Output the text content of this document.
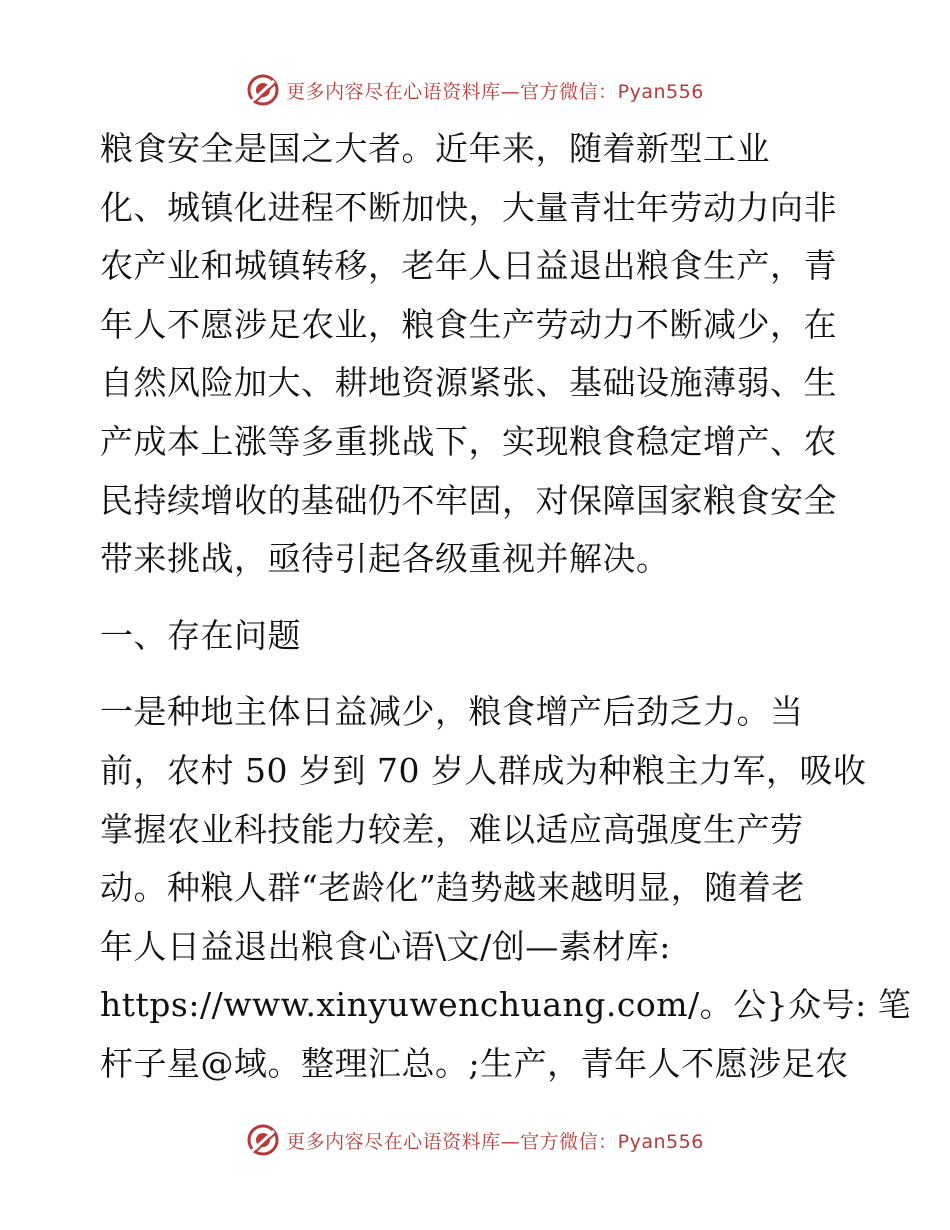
更多内容尽在心语资料库—官方微信：Pyan556
粮食安全是国之大者。近年来，随着新型工业
化、城镇化进程不断加快，大量青壮年劳动力向非
农产业和城镇转移，老年人日益退出粮食生产，青
年人不愿涉足农业，粮食生产劳动力不断减少，在
自然风险加大、耕地资源紧张、基础设施薄弱、生
产成本上涨等多重挑战下，实现粮食稳定增产、农
民持续增收的基础仍不牢固，对保障国家粮食安全
带来挑战，亟待引起各级重视并解决。
一、存在问题
一是种地主体日益减少，粮食增产后劲乏力。当
前，农村 50 岁到 70 岁人群成为种粮主力军，吸收
掌握农业科技能力较差，难以适应高强度生产劳
动。种粮人群“老龄化”趋势越来越明显，随着老
年人日益退出粮食心语\文/创—素材库:
https://www.xinyuwenchuang.com/。公}众号: 笔
杆子星@域。整理汇总。;生产，青年人不愿涉足农
更多内容尽在心语资料库—官方微信：Pyan556
